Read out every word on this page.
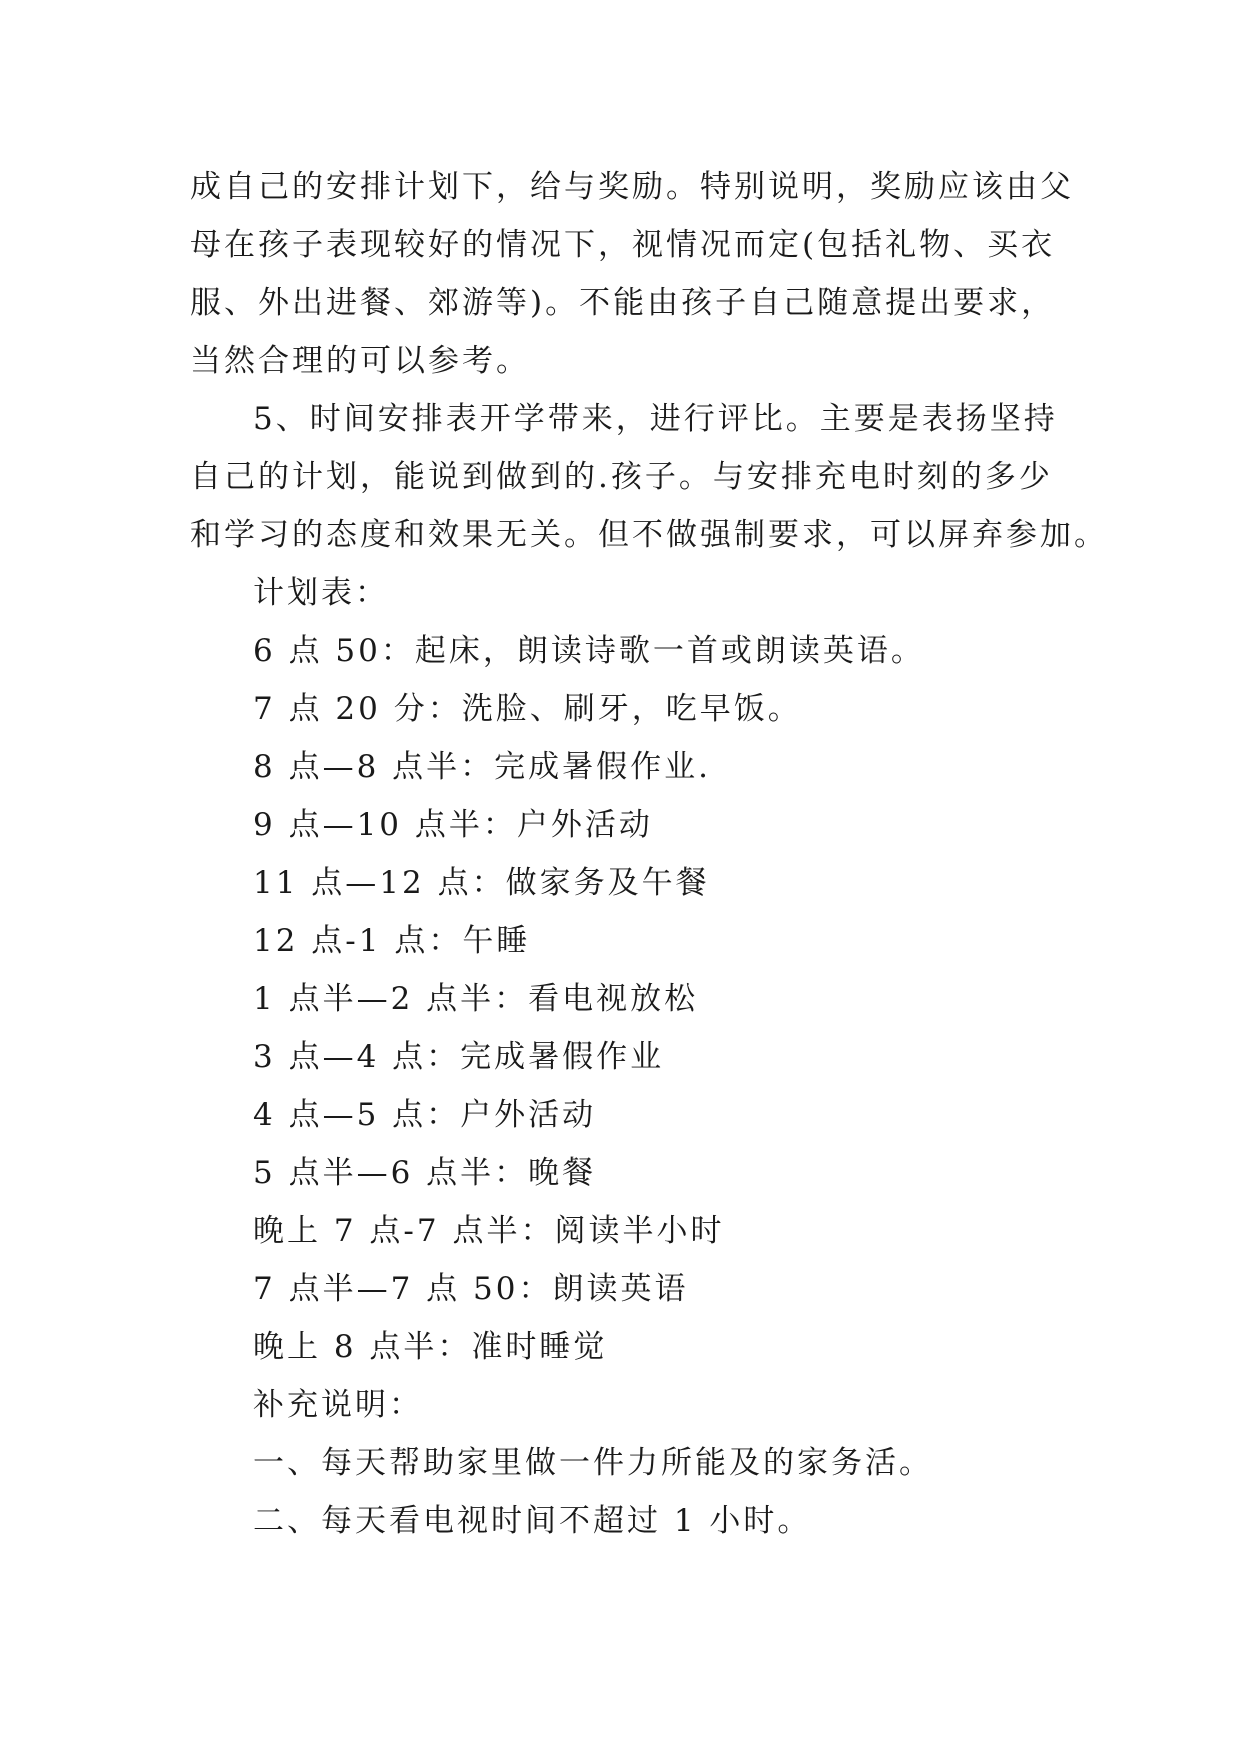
成自己的安排计划下，给与奖励。特别说明，奖励应该由父
母在孩子表现较好的情况下，视情况而定(包括礼物、买衣
服、外出进餐、郊游等)。不能由孩子自己随意提出要求，
当然合理的可以参考。
5、时间安排表开学带来，进行评比。主要是表扬坚持
自己的计划，能说到做到的.孩子。与安排充电时刻的多少
和学习的态度和效果无关。但不做强制要求，可以屏弃参加。
计划表：
6 点 50：起床，朗读诗歌一首或朗读英语。
7 点 20 分：洗脸、刷牙，吃早饭。
8 点—8 点半：完成暑假作业.
9 点—10 点半：户外活动
11 点—12 点：做家务及午餐
12 点-1 点：午睡
1 点半—2 点半：看电视放松
3 点—4 点：完成暑假作业
4 点—5 点：户外活动
5 点半—6 点半：晚餐
晚上 7 点-7 点半：阅读半小时
7 点半—7 点 50：朗读英语
晚上 8 点半：准时睡觉
补充说明：
一、每天帮助家里做一件力所能及的家务活。
二、每天看电视时间不超过 1 小时。
